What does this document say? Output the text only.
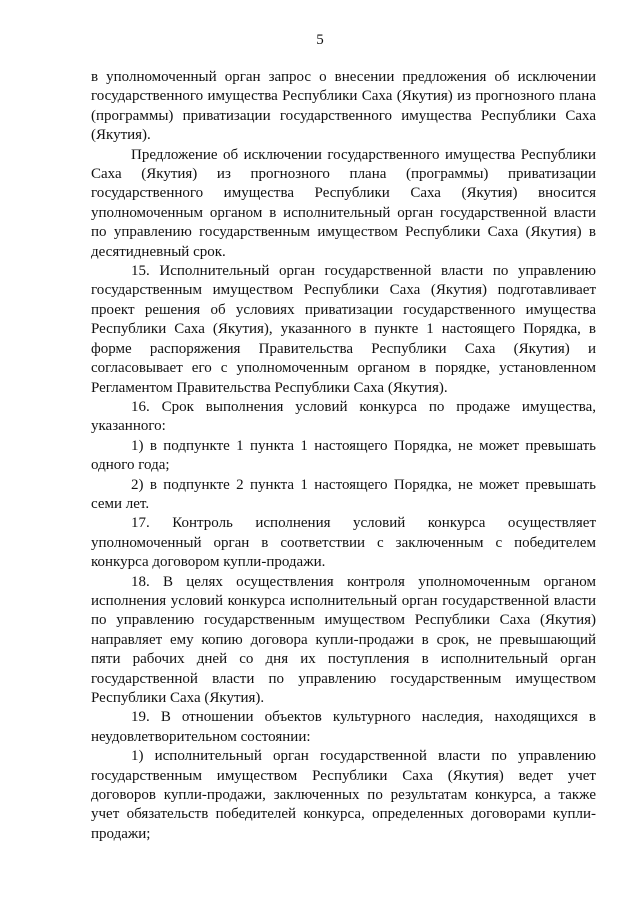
5

в уполномоченный орган запрос о внесении предложения об исключении государственного имущества Республики Саха (Якутия) из прогнозного плана (программы) приватизации государственного имущества Республики Саха (Якутия).

Предложение об исключении государственного имущества Республики Саха (Якутия) из прогнозного плана (программы) приватизации государственного имущества Республики Саха (Якутия) вносится уполномоченным органом в исполнительный орган государственной власти по управлению государственным имуществом Республики Саха (Якутия) в десятидневный срок.

15. Исполнительный орган государственной власти по управлению государственным имуществом Республики Саха (Якутия) подготавливает проект решения об условиях приватизации государственного имущества Республики Саха (Якутия), указанного в пункте 1 настоящего Порядка, в форме распоряжения Правительства Республики Саха (Якутия) и согласовывает его с уполномоченным органом в порядке, установленном Регламентом Правительства Республики Саха (Якутия).

16. Срок выполнения условий конкурса по продаже имущества, указанного:

1) в подпункте 1 пункта 1 настоящего Порядка, не может превышать одного года;

2) в подпункте 2 пункта 1 настоящего Порядка, не может превышать семи лет.

17. Контроль исполнения условий конкурса осуществляет уполномоченный орган в соответствии с заключенным с победителем конкурса договором купли-продажи.

18. В целях осуществления контроля уполномоченным органом исполнения условий конкурса исполнительный орган государственной власти по управлению государственным имуществом Республики Саха (Якутия) направляет ему копию договора купли-продажи в срок, не превышающий пяти рабочих дней со дня их поступления в исполнительный орган государственной власти по управлению государственным имуществом Республики Саха (Якутия).

19. В отношении объектов культурного наследия, находящихся в неудовлетворительном состоянии:

1) исполнительный орган государственной власти по управлению государственным имуществом Республики Саха (Якутия) ведет учет договоров купли-продажи, заключенных по результатам конкурса, а также учет обязательств победителей конкурса, определенных договорами купли-продажи;
